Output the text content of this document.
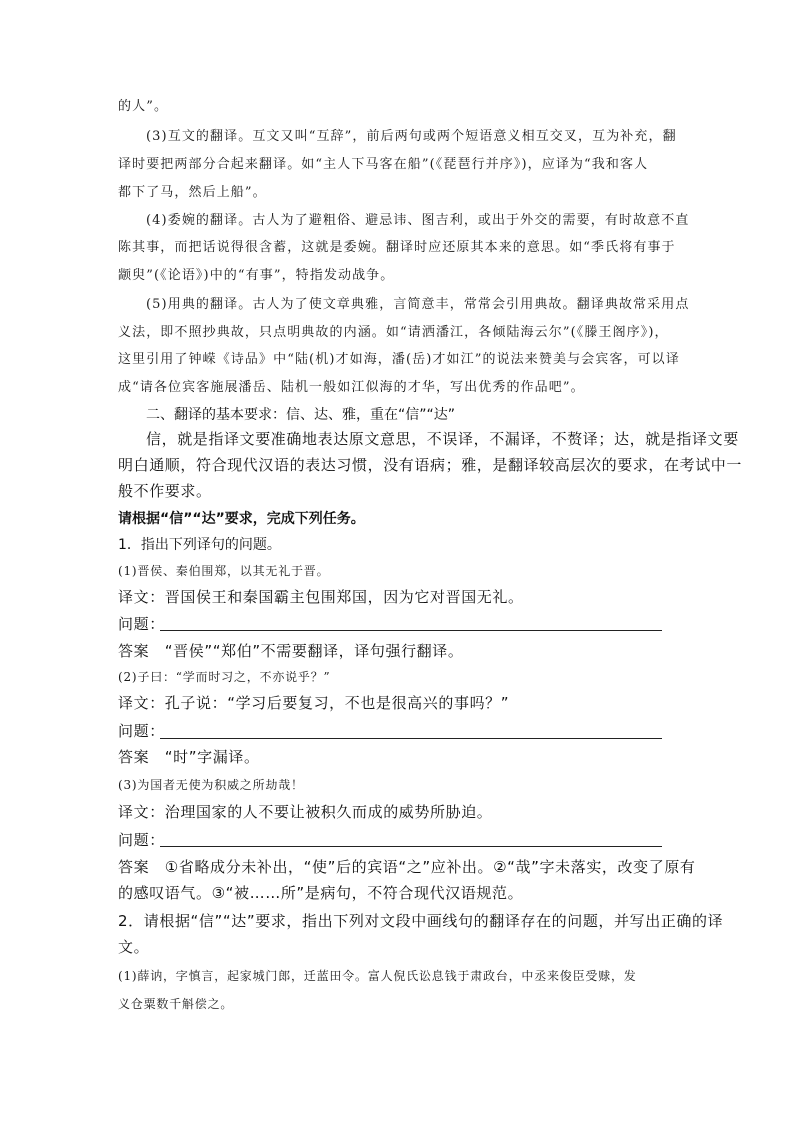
的人”。
(3)互文的翻译。互文又叫“互辞”，前后两句或两个短语意义相互交叉，互为补充，翻
译时要把两部分合起来翻译。如“主人下马客在船”(《琵琶行并序》)，应译为“我和客人
都下了马，然后上船”。
(4)委婉的翻译。古人为了避粗俗、避忌讳、图吉利，或出于外交的需要，有时故意不直
陈其事，而把话说得很含蓄，这就是委婉。翻译时应还原其本来的意思。如“季氏将有事于
颛臾”(《论语》)中的“有事”，特指发动战争。
(5)用典的翻译。古人为了使文章典雅，言简意丰，常常会引用典故。翻译典故常采用点
义法，即不照抄典故，只点明典故的内涵。如“请洒潘江，各倾陆海云尔”(《滕王阁序》)，
这里引用了钟嵘《诗品》中“陆(机)才如海，潘(岳)才如江”的说法来赞美与会宾客，可以译
成“请各位宾客施展潘岳、陆机一般如江似海的才华，写出优秀的作品吧”。
二、翻译的基本要求：信、达、雅，重在“信”“达”
信，就是指译文要准确地表达原文意思，不误译，不漏译，不赘译；达，就是指译文要
明白通顺，符合现代汉语的表达习惯，没有语病；雅，是翻译较高层次的要求，在考试中一
般不作要求。
请根据“信”“达”要求，完成下列任务。
1．指出下列译句的问题。
(1)晋侯、秦伯围郑，以其无礼于晋。
译文：晋国侯王和秦国霸主包围郑国，因为它对晋国无礼。
问题：
答案　“晋侯”“郑伯”不需要翻译，译句强行翻译。
(2)子曰：“学而时习之，不亦说乎？”
译文：孔子说：“学习后要复习，不也是很高兴的事吗？”
问题：
答案　“时”字漏译。
(3)为国者无使为积威之所劫哉！
译文：治理国家的人不要让被积久而成的威势所胁迫。
问题：
答案　①省略成分未补出，“使”后的宾语“之”应补出。②“哉”字未落实，改变了原有
的感叹语气。③“被……所”是病句，不符合现代汉语规范。
2．请根据“信”“达”要求，指出下列对文段中画线句的翻译存在的问题，并写出正确的译
文。
(1)薛讷，字慎言，起家城门郎，迁蓝田令。富人倪氏讼息钱于肃政台，中丞来俊臣受赇，发
义仓粟数千斛偿之。
